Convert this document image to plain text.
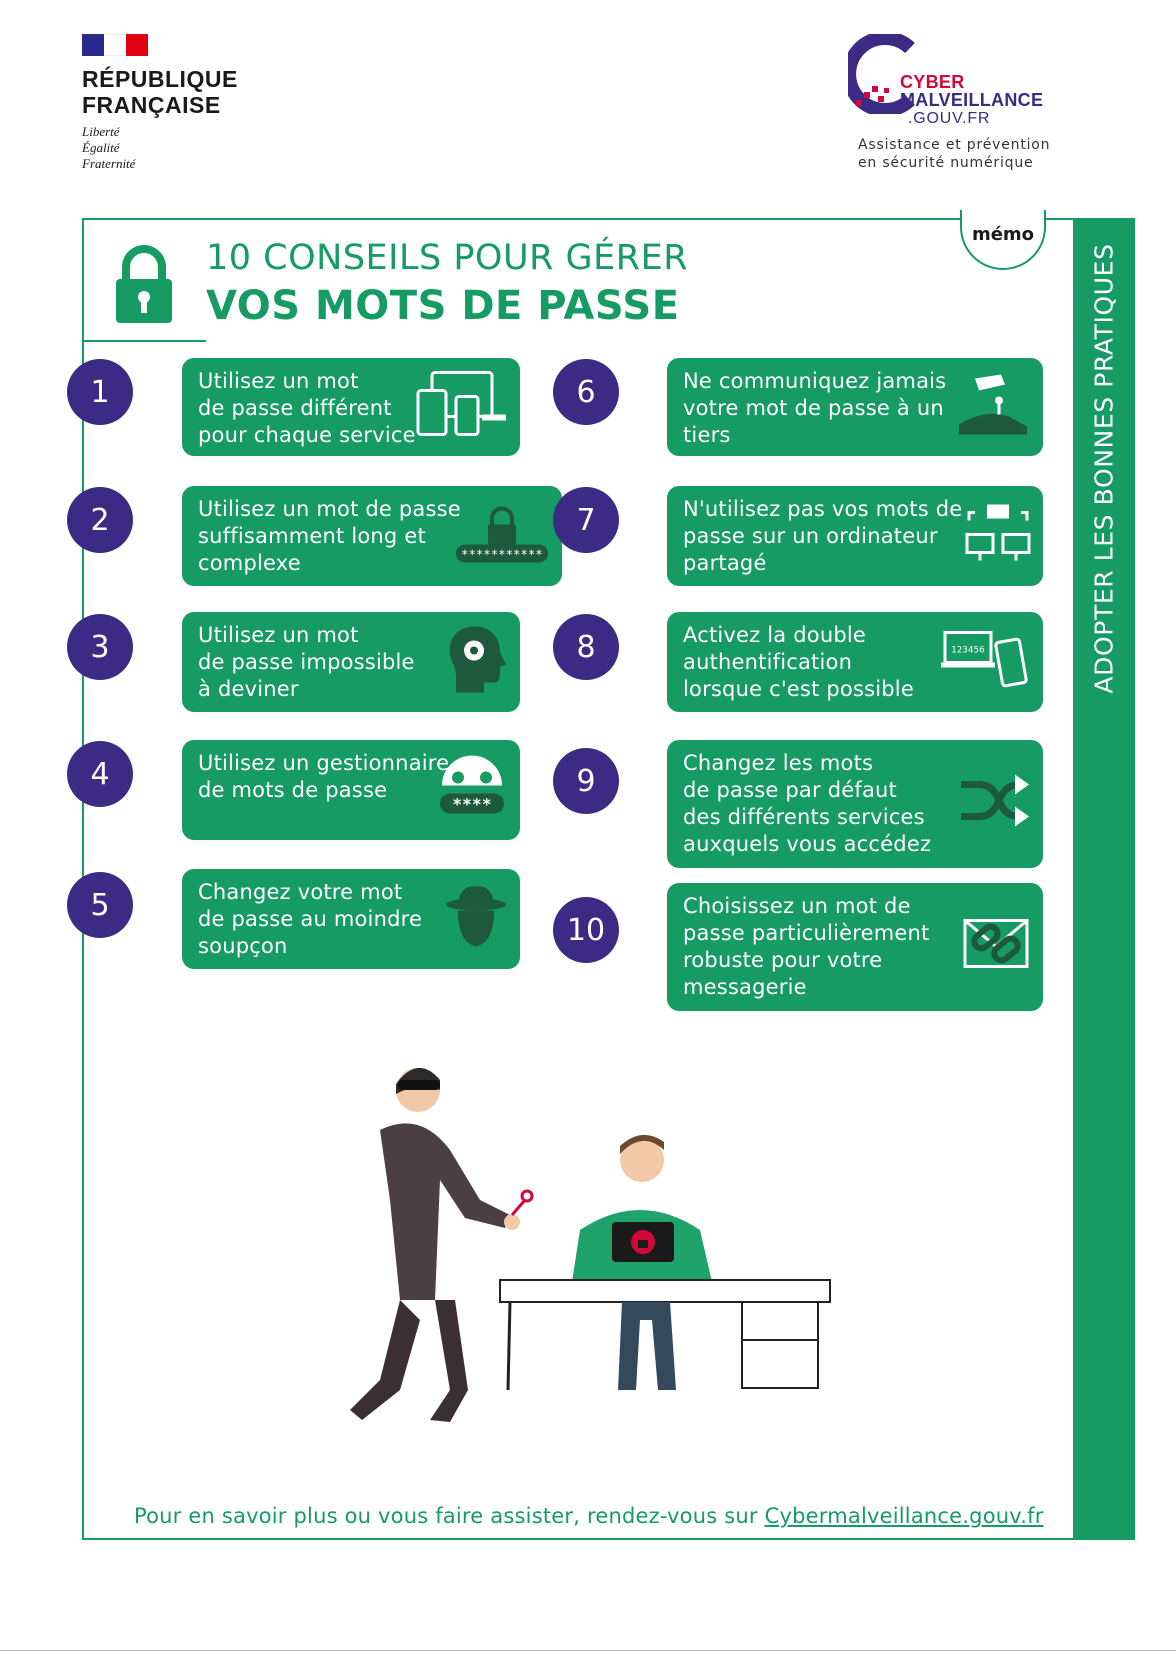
RÉPUBLIQUE
FRANÇAISE
Liberté
Égalité
Fraternité
CYBER
MALVEILLANCE
.GOUV.FR
Assistance et prévention
en sécurité numérique
ADOPTER LES BONNES PRATIQUES
mémo
10 CONSEILS POUR GÉRER
VOS MOTS DE PASSE
1	Utilisez un mot
de passe différent
pour chaque service
2	Utilisez un mot de passe
suffisamment long et
complexe	***********
3	Utilisez un mot
de passe impossible
à deviner
4	Utilisez un gestionnaire
de mots de passe
****
5	Changez votre mot
de passe au moindre
soupçon
6	Ne communiquez jamais
votre mot de passe à un
tiers
7	N'utilisez pas vos mots de
passe sur un ordinateur
partagé
8	Activez la double
authentification
lorsque c'est possible
123456
9
Changez les mots
de passe par défaut
des différents services
auxquels vous accédez
10
Choisissez un mot de
passe particulièrement
robuste pour votre
messagerie
Pour en savoir plus ou vous faire assister, rendez-vous sur Cybermalveillance.gouv.fr
